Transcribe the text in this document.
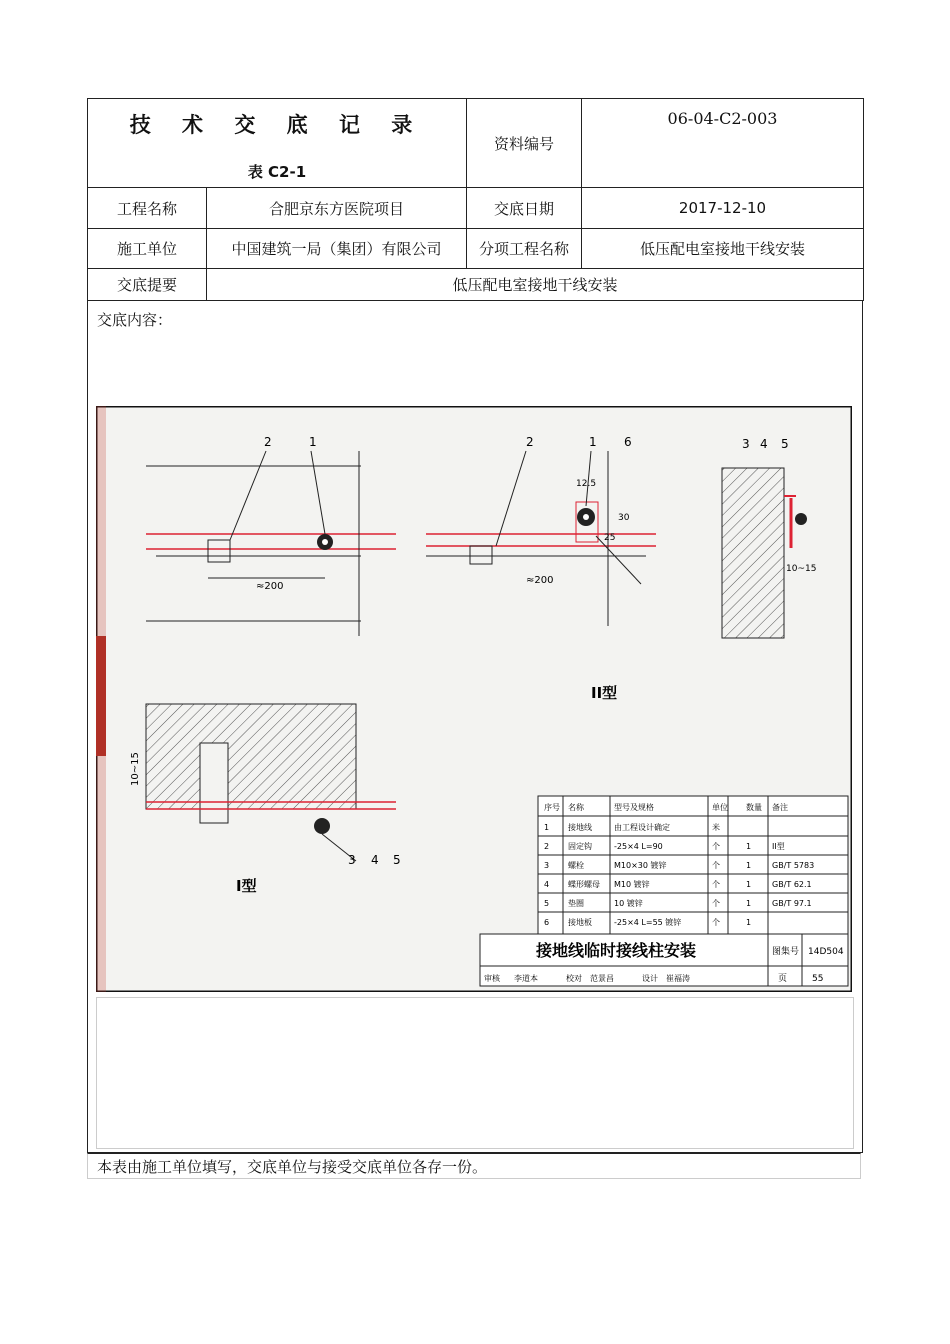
技 术 交 底 记 录
表 C2-1		资料编号	06-04-C2-003
工程名称	合肥京东方医院项目	交底日期	2017-12-10
施工单位	中国建筑一局（集团）有限公司	分项工程名称	低压配电室接地干线安装
交底提要	低压配电室接地干线安装		
交底内容：
2	1
≈200
3 4 5
I型
10~15
2	1 6
12.5
30
25
≈200
II型
3 4 5
10~15
序号 名称	型号及规格	单位 数量 备注
1 接地线	由工程设计确定	米
2 固定钩	-25×4 L=90	个	1	II型
3 螺栓	M10×30 镀锌	个	1	GB/T 5783
4 蝶形螺母 M10 镀锌	个	1	GB/T 62.1
5 垫圈	10 镀锌	个	1	GB/T 97.1
6 接地板	-25×4 L=55 镀锌	个	1
接地线临时接线柱安装	图集号 14D504
页	55
审核 李道本	校对 范景昌	设计 崔福涛
本表由施工单位填写，交底单位与接受交底单位各存一份。
